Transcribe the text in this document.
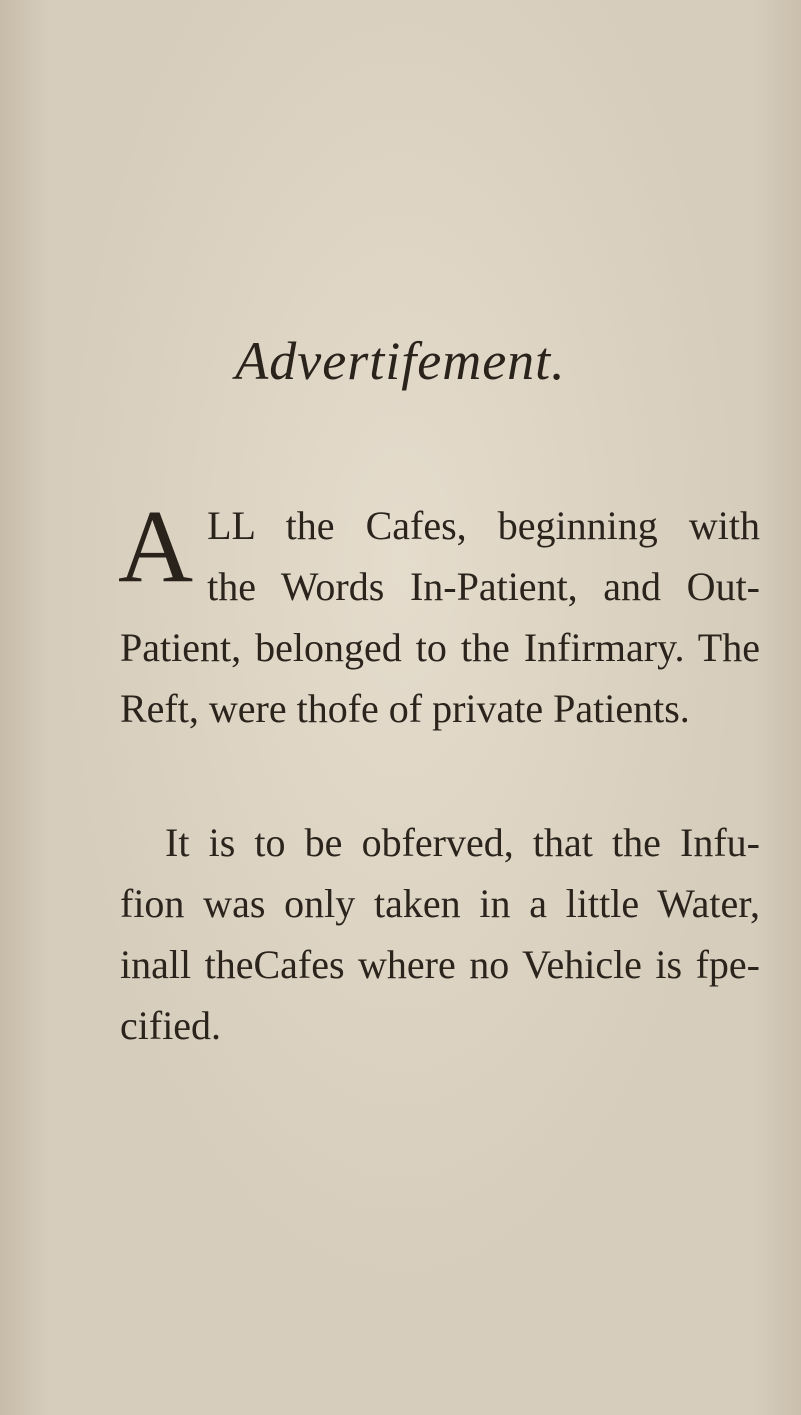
Advertifement.
A LL the Cafes, beginning with
the Words In-Patient, and Out-
Patient, belonged to the Infirmary. The
Reft, were thofe of private Patients.
It is to be obferved, that the Infu-
fion was only taken in a little Water,
inall theCafes where no Vehicle is fpe-
cified.
